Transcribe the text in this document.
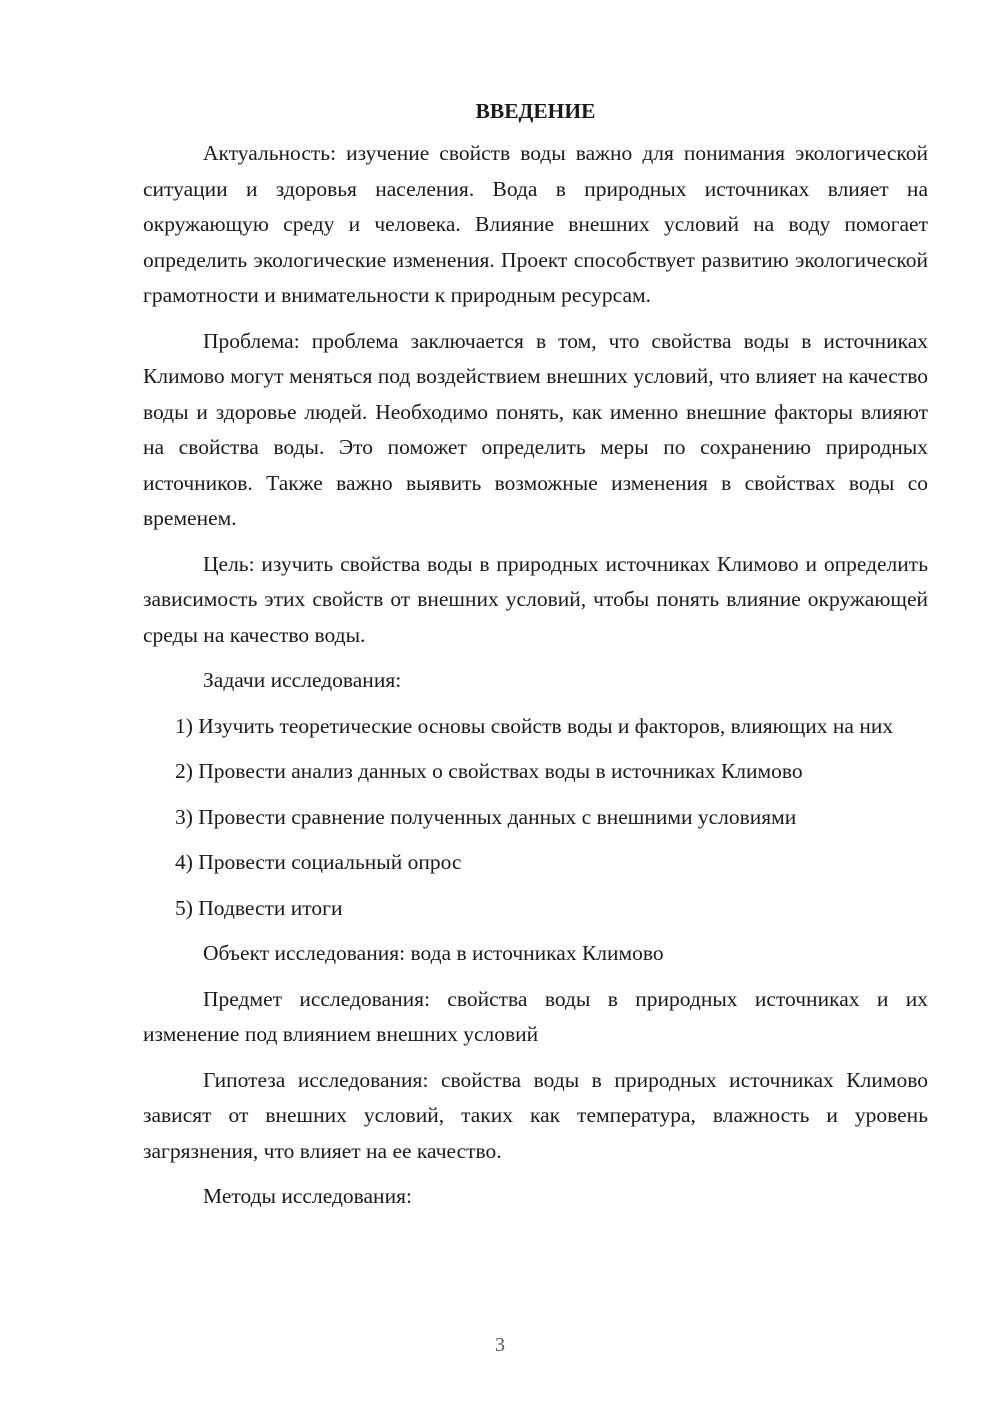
ВВЕДЕНИЕ
Актуальность: изучение свойств воды важно для понимания экологической ситуации и здоровья населения. Вода в природных источниках влияет на окружающую среду и человека. Влияние внешних условий на воду помогает определить экологические изменения. Проект способствует развитию экологической грамотности и внимательности к природным ресурсам.
Проблема: проблема заключается в том, что свойства воды в источниках Климово могут меняться под воздействием внешних условий, что влияет на качество воды и здоровье людей. Необходимо понять, как именно внешние факторы влияют на свойства воды. Это поможет определить меры по сохранению природных источников. Также важно выявить возможные изменения в свойствах воды со временем.
Цель: изучить свойства воды в природных источниках Климово и определить зависимость этих свойств от внешних условий, чтобы понять влияние окружающей среды на качество воды.
Задачи исследования:
1) Изучить теоретические основы свойств воды и факторов, влияющих на них
2) Провести анализ данных о свойствах воды в источниках Климово
3) Провести сравнение полученных данных с внешними условиями
4) Провести социальный опрос
5) Подвести итоги
Объект исследования: вода в источниках Климово
Предмет исследования: свойства воды в природных источниках и их изменение под влиянием внешних условий
Гипотеза исследования: свойства воды в природных источниках Климово зависят от внешних условий, таких как температура, влажность и уровень загрязнения, что влияет на ее качество.
Методы исследования:
3
